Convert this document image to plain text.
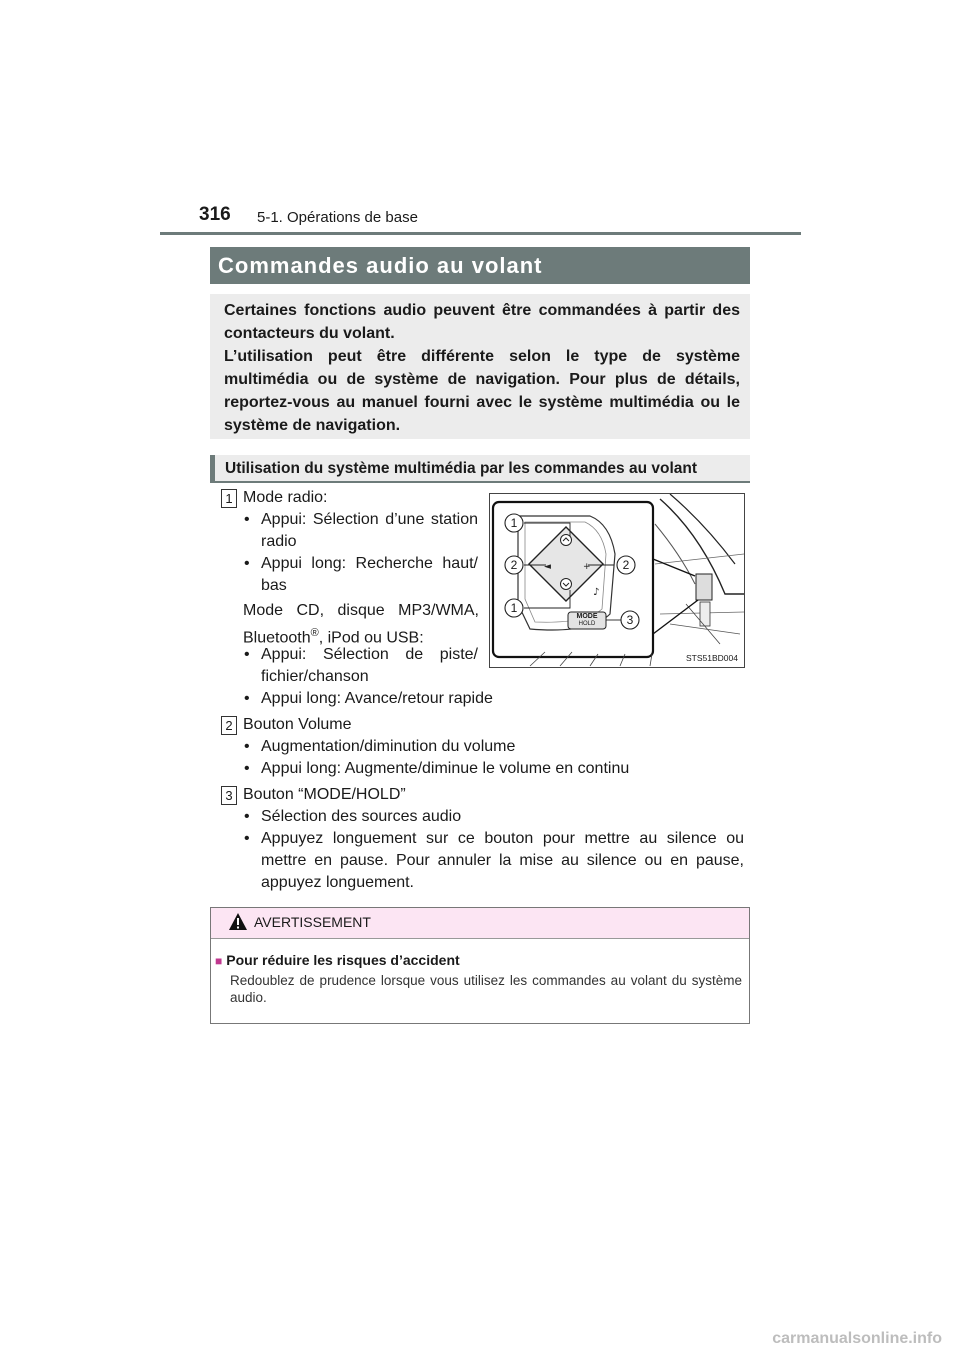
316 5-1. Opérations de base
Commandes audio au volant

Certaines fonctions audio peuvent être commandées à partir des contacteurs du volant.

L’utilisation peut être différente selon le type de système multimédia ou de système de navigation. Pour plus de détails, reportez-vous au manuel fourni avec le système multimédia ou le système de navigation.

Utilisation du système multimédia par les commandes au volant
1 Mode radio:
• Appui: Sélection d’une station radio
• Appui long: Recherche haut/ bas
Mode CD, disque MP3/WMA, Bluetooth®, iPod ou USB:
• Appui: Sélection de piste/ fichier/chanson
• Appui long: Avance/retour rapide
2 Bouton Volume
• Augmentation/diminution du volume
• Appui long: Augmente/diminue le volume en continu
3 Bouton “MODE/HOLD”
• Sélection des sources audio
• Appuyez longuement sur ce bouton pour mettre au silence ou mettre en pause. Pour annuler la mise au silence ou en pause, appuyez longuement.
◄	+
♪
1
2	2
1
3
MODE
HOLD
STS51BD004
AVERTISSEMENT
■ Pour réduire les risques d’accident
Redoublez de prudence lorsque vous utilisez les commandes au volant du système audio.
carmanualsonline.info
